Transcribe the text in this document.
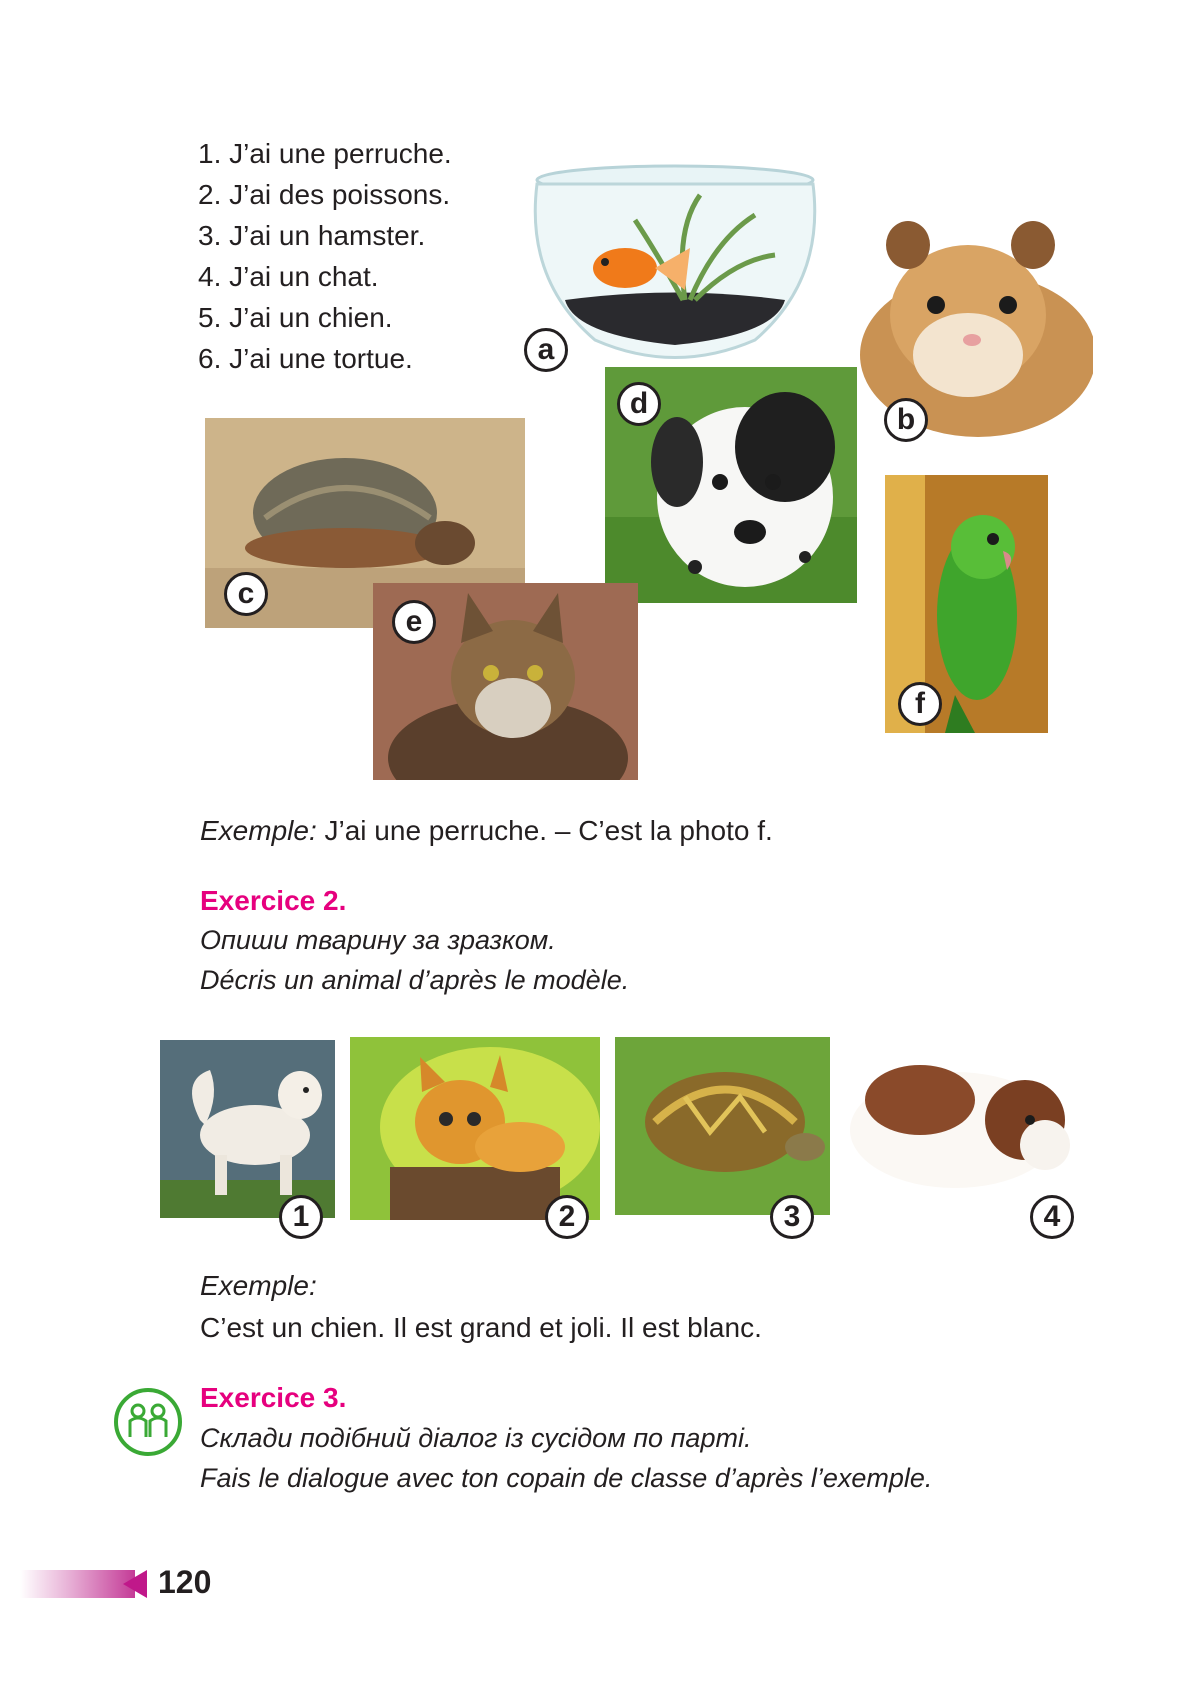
1. J’ai une perruche.
2. J’ai des poissons.
3. J’ai un hamster.
4. J’ai un chat.
5. J’ai un chien.
6. J’ai une tortue.	a
b
c
d
e
f
Exemple: J’ai une perruche. – C’est la photo f.
Exercice 2.
Опиши тварину за зразком.
Décris un animal d’après le modèle.
1	2	3	4
Exemple:
C’est un chien. Il est grand et joli. Il est blanc.
Exercice 3.
Склади подібний діалог із сусідом по парті.
Fais le dialogue avec ton copain de classe d’après l’exemple.
120
